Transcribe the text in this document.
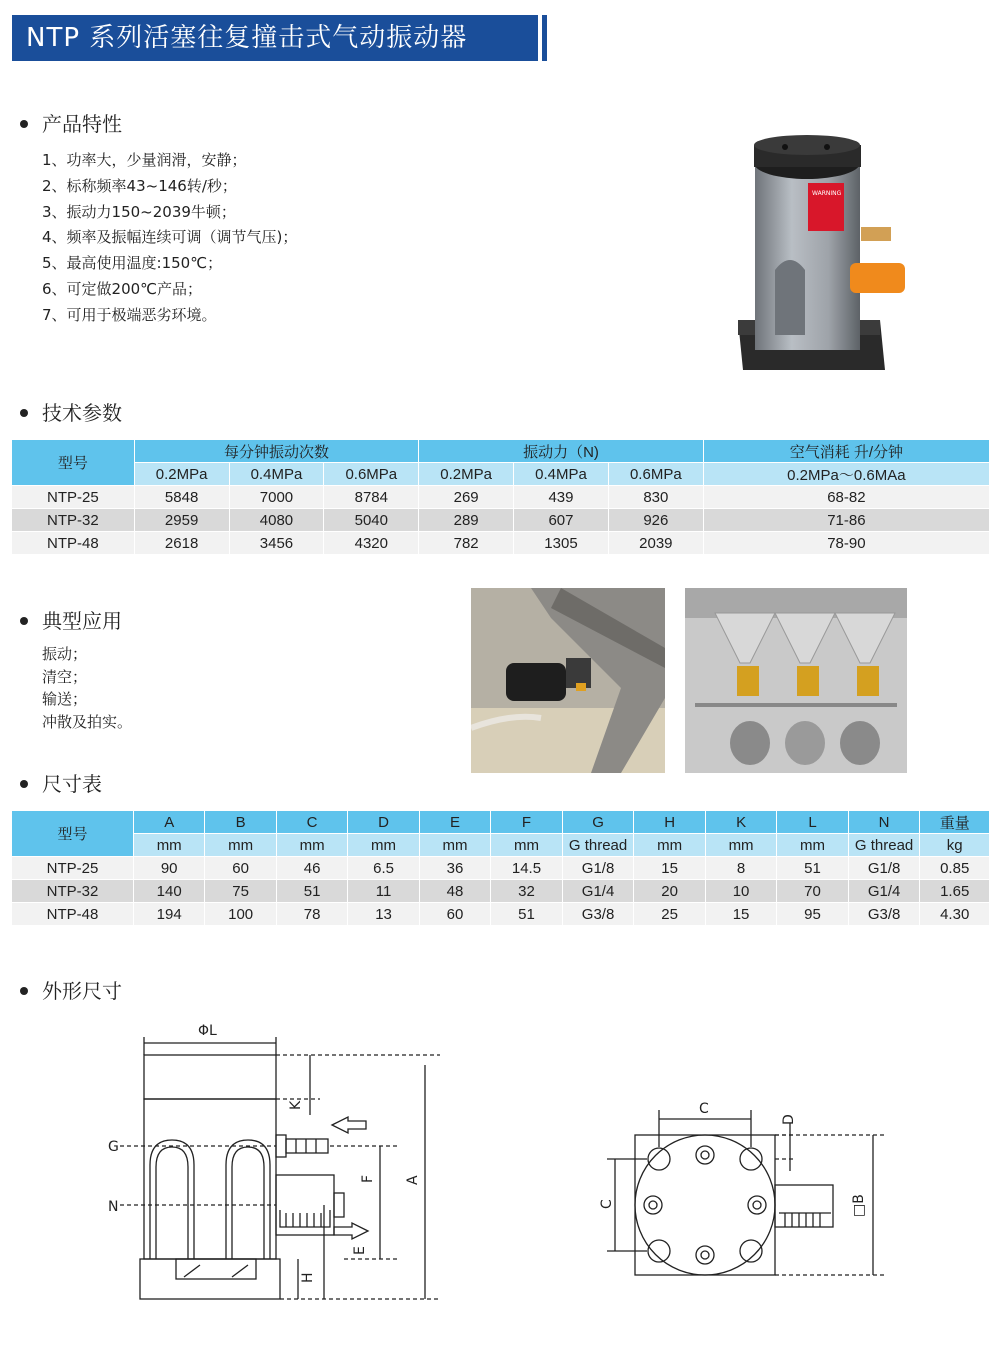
NTP 系列活塞往复撞击式气动振动器
产品特性
1、功率大，少量润滑，安静；
2、标称频率43~146转/秒；
3、振动力150~2039牛顿；
4、频率及振幅连续可调（调节气压)；
5、最高使用温度:150℃；
6、可定做200℃产品；
7、可用于极端恶劣环境。
WARNING
技术参数
型号	每分钟振动次数			振动力（N)			空气消耗 升/分钟
	0.2MPa	0.4MPa	0.6MPa	0.2MPa	0.4MPa	0.6MPa	0.2MPa～0.6MAa
NTP-25	5848	7000	8784	269	439	830	68-82
NTP-32	2959	4080	5040	289	607	926	71-86
NTP-48	2618	3456	4320	782	1305	2039	78-90
典型应用
振动；
清空；
输送；
冲散及拍实。
尺寸表
型号	A	B	C	D	E	F	G	H	K	L	N	重量
	mm	mm	mm	mm	mm	mm	G thread	mm	mm	mm	G thread	kg
NTP-25	90	60	46	6.5	36	14.5	G1/8	15	8	51	G1/8	0.85
NTP-32	140	75	51	11	48	32	G1/4	20	10	70	G1/4	1.65
NTP-48	194	100	78	13	60	51	G3/8	25	15	95	G3/8	4.30
外形尺寸
ΦL
K
G
N
F A
E
H
C
D
C	□B
